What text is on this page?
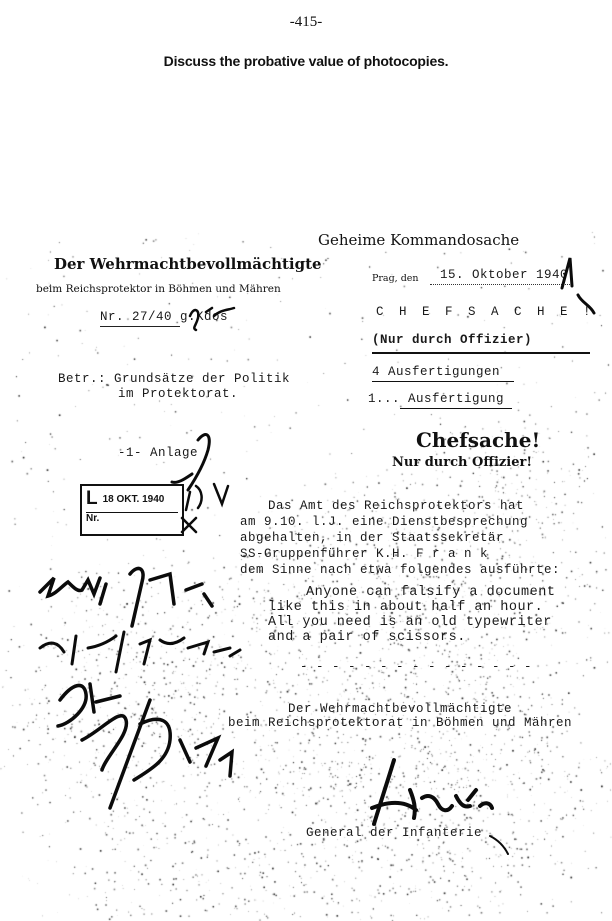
-415-
Discuss the probative value of photocopies.
Der Wehrmachtbevollmächtigte
beim Reichsprotektor in Böhmen und Mähren
Nr. 27/40 g.Kdos
Geheime Kommandosache
Prag, den 15. Oktober 1940
C H E F S A C H E !
(Nur durch Offizier)
4 Ausfertigungen
1... Ausfertigung
Betr.: Grundsätze der Politik
im Protektorat.
-1- Anlage
Chefsache!
Nur durch Offizier!
L 18 OKT. 1940
Nr.
Das Amt des Reichsprotektors hat
am 9.10. l.J. eine Dienstbesprechung
abgehalten, in der Staatssekretär
SS-Gruppenführer K.H. F r a n k
dem Sinne nach etwa folgendes ausführte:
Anyone can falsify a document
like this in about half an hour.
All you need is an old typewriter
and a pair of scissors.
- - - - - - - - - - - - - - -
Der Wehrmachtbevollmächtigte
beim Reichsprotektorat in Böhmen und Mähren
General der Infanterie
